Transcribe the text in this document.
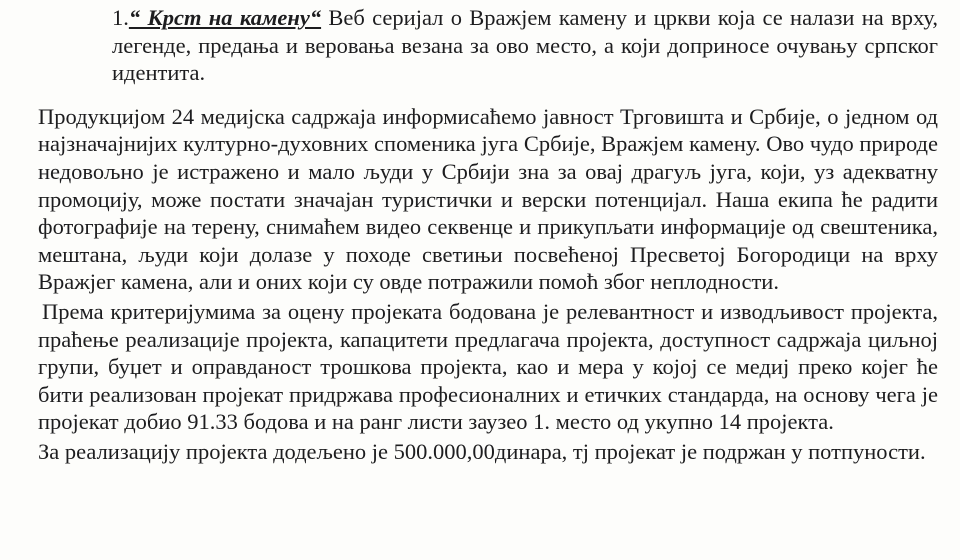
1.“ Крст на камену“ Веб серијал о Вражјем камену и цркви која се налази на врху, легенде, предања и веровања везана за ово место, а који доприносе очувању српског идентита.

Продукцијом 24 медијска садржаја информисаћемо јавност Трговишта и Србије, о једном од најзначајнијих културно-духовних споменика југа Србије, Вражјем камену. Ово чудо природе недовољно је истражено и мало људи у Србији зна за овај драгуљ југа, који, уз адекватну промоцију, може постати значајан туристички и верски потенцијал. Наша екипа ће радити фотографије на терену, снимаћем видео секвенце и прикупљати информације од свештеника, мештана, људи који долазе у походе светињи посвећеној Пресветој Богородици на врху Вражјег камена, али и оних који су овде потражили помоћ због неплодности.

Према критеријумима за оцену пројеката бодована је релевантност и изводљивост пројекта, праћење реализације пројекта, капацитети предлагача пројекта, доступност садржаја циљној групи, буџет и оправданост трошкова пројекта, као и мера у којој се медиј преко којег ће бити реализован пројекат придржава професионалних и етичких стандарда, на основу чега је пројекат добио 91.33 бодова и на ранг листи заузео 1. место од укупно 14 пројекта.

За реализацију пројекта додељено је 500.000,00динара, тј пројекат је подржан у потпуности.
